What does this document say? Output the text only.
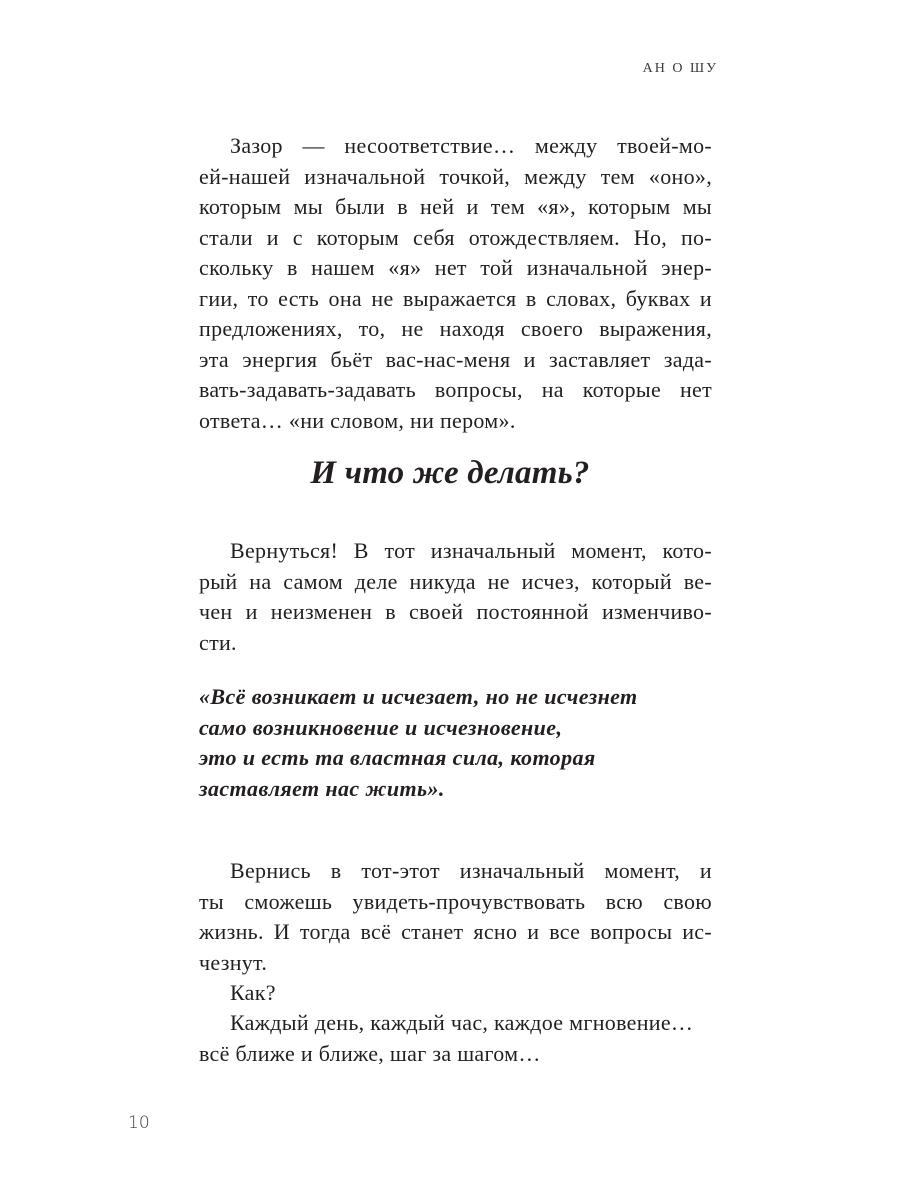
АН О ШУ
Зазор — несоответствие… между твоей-мо-
ей-нашей изначальной точкой, между тем «оно»,
которым мы были в ней и тем «я», которым мы
стали и с которым себя отождествляем. Но, по-
скольку в нашем «я» нет той изначальной энер-
гии, то есть она не выражается в словах, буквах и
предложениях, то, не находя своего выражения,
эта энергия бьёт вас-нас-меня и заставляет зада-
вать-задавать-задавать вопросы, на которые нет
ответа… «ни словом, ни пером».
И что же делать?
Вернуться! В тот изначальный момент, кото-
рый на самом деле никуда не исчез, который ве-
чен и неизменен в своей постоянной изменчиво-
сти.
«Всё возникает и исчезает, но не исчезнет
само возникновение и исчезновение,
это и есть та властная сила, которая
заставляет нас жить».
Вернись в тот-этот изначальный момент, и
ты сможешь увидеть-прочувствовать всю свою
жизнь. И тогда всё станет ясно и все вопросы ис-
чезнут.
Как?
Каждый день, каждый час, каждое мгновение…
всё ближе и ближе, шаг за шагом…
10
